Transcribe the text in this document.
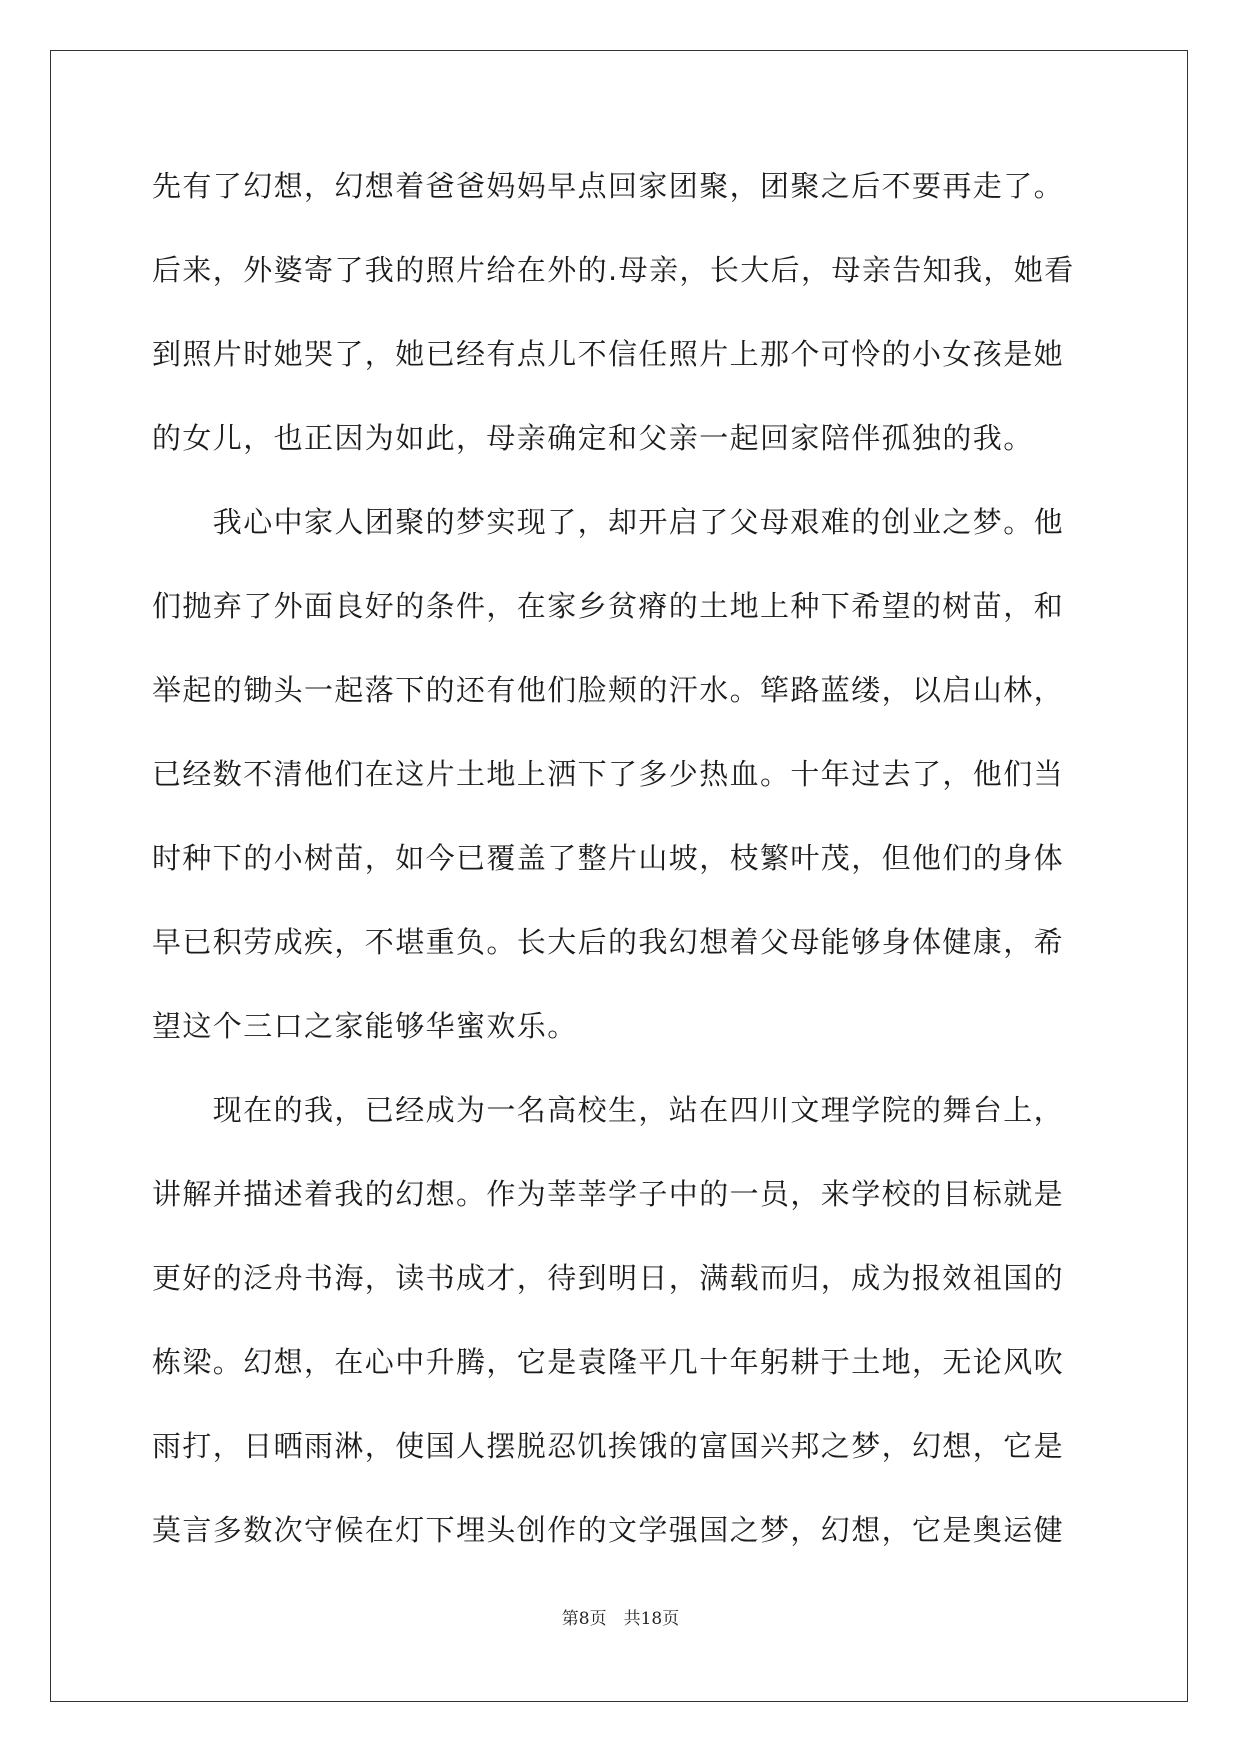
先有了幻想，幻想着爸爸妈妈早点回家团聚，团聚之后不要再走了。
后来，外婆寄了我的照片给在外的.母亲，长大后，母亲告知我，她看
到照片时她哭了，她已经有点儿不信任照片上那个可怜的小女孩是她
的女儿，也正因为如此，母亲确定和父亲一起回家陪伴孤独的我。
　　我心中家人团聚的梦实现了，却开启了父母艰难的创业之梦。他
们抛弃了外面良好的条件，在家乡贫瘠的土地上种下希望的树苗，和
举起的锄头一起落下的还有他们脸颊的汗水。筚路蓝缕，以启山林，
已经数不清他们在这片土地上洒下了多少热血。十年过去了，他们当
时种下的小树苗，如今已覆盖了整片山坡，枝繁叶茂，但他们的身体
早已积劳成疾，不堪重负。长大后的我幻想着父母能够身体健康，希
望这个三口之家能够华蜜欢乐。
　　现在的我，已经成为一名高校生，站在四川文理学院的舞台上，
讲解并描述着我的幻想。作为莘莘学子中的一员，来学校的目标就是
更好的泛舟书海，读书成才，待到明日，满载而归，成为报效祖国的
栋梁。幻想，在心中升腾，它是袁隆平几十年躬耕于土地，无论风吹
雨打，日晒雨淋，使国人摆脱忍饥挨饿的富国兴邦之梦，幻想，它是
莫言多数次守候在灯下埋头创作的文学强国之梦，幻想，它是奥运健
第8页　共18页
